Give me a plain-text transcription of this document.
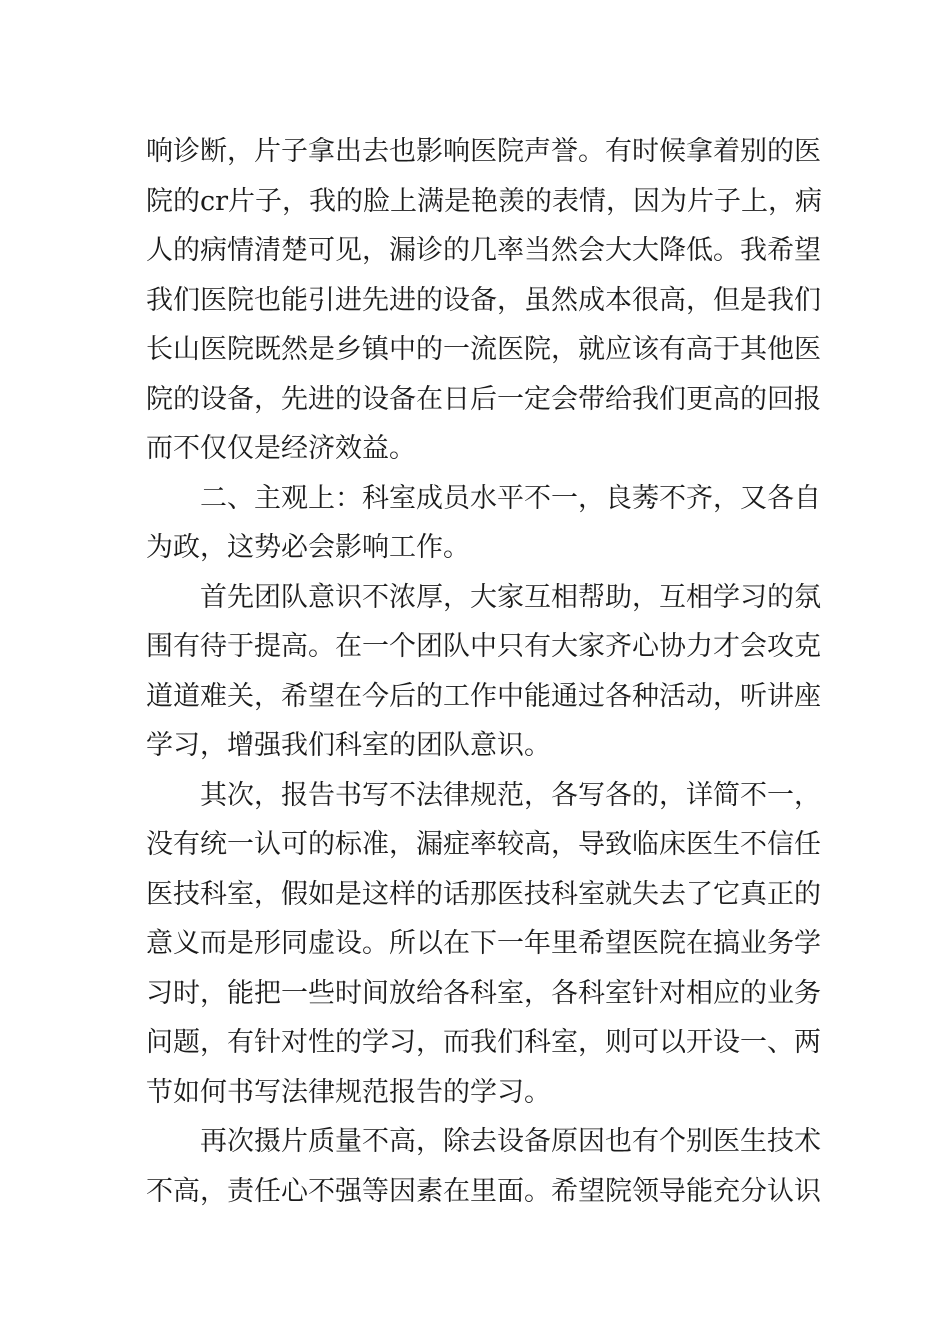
响诊断，片子拿出去也影响医院声誉。有时候拿着别的医
院的cr片子，我的脸上满是艳羡的表情，因为片子上，病
人的病情清楚可见，漏诊的几率当然会大大降低。我希望
我们医院也能引进先进的设备，虽然成本很高，但是我们
长山医院既然是乡镇中的一流医院，就应该有高于其他医
院的设备，先进的设备在日后一定会带给我们更高的回报
而不仅仅是经济效益。
二、主观上：科室成员水平不一，良莠不齐，又各自
为政，这势必会影响工作。
首先团队意识不浓厚，大家互相帮助，互相学习的氛
围有待于提高。在一个团队中只有大家齐心协力才会攻克
道道难关，希望在今后的工作中能通过各种活动，听讲座
学习，增强我们科室的团队意识。
其次，报告书写不法律规范，各写各的，详简不一，
没有统一认可的标准，漏症率较高，导致临床医生不信任
医技科室，假如是这样的话那医技科室就失去了它真正的
意义而是形同虚设。所以在下一年里希望医院在搞业务学
习时，能把一些时间放给各科室，各科室针对相应的业务
问题，有针对性的学习，而我们科室，则可以开设一、两
节如何书写法律规范报告的学习。
再次摄片质量不高，除去设备原因也有个别医生技术
不高，责任心不强等因素在里面。希望院领导能充分认识
